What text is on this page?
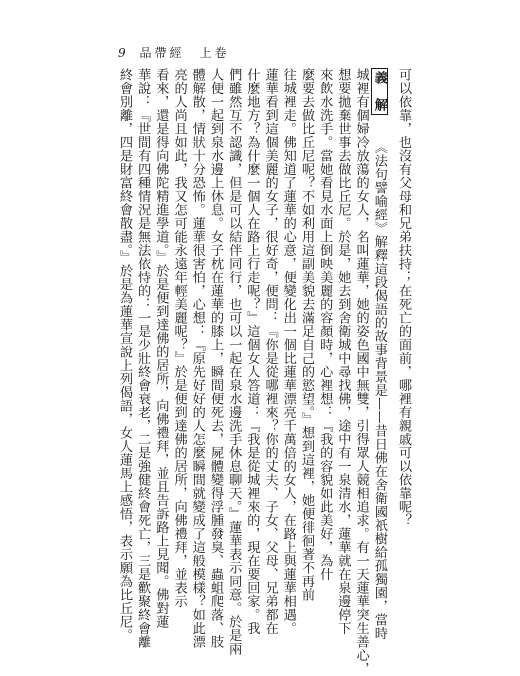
9 品帶經　上卷
可以依靠，也沒有父母和兄弟扶持；在死亡的面前，哪裡有親戚可以依靠呢？
義　解《法句譬喻經》解釋這段偈語的故事背景是——昔日佛在舍衛國祇樹給孤獨園，當時
城裡有個婦冷放蕩的女人，名叫蓮華，她的姿色國中無雙，引得眾人競相追求。有一天蓮華突生善心，
想要拋棄世事去做比丘尼。於是，她去到舍衛城中尋找佛，途中有一泉清水，蓮華就在泉邊停下
來飲水洗手。當她看見水面上倒映美麗的容顏時，心裡想：『我的容貌如此美好，為什
麼要去做比丘尼呢？不如利用這副美貌去滿足自己的慾望。』想到這裡，她便徘徊著不再前
往城裡走。佛知道了蓮華的心意，便變化出一個比蓮華漂亮千萬倍的女人，在路上與蓮華相遇。
蓮華看到這個美麗的女子，很好奇，便問：『你是從哪裡來？你的丈夫、子女、父母、兄弟都在
什麼地方？為什麼一個人在路上行走呢？』這個女人答道：『我是從城裡來的，現在要回家。我
們雖然互不認識，但是可以結伴同行，也可以一起在泉水邊洗手休息聊天。』蓮華表示同意。於是兩
人便一起到泉水邊上休息。女子枕在蓮華的膝上，瞬間便死去，屍體變得浮腫發臭、蟲蛆爬落、肢
體解散，情狀十分恐怖。蓮華很害怕，心想：『原先好好的人怎麼瞬間就變成了這般模樣？如此漂
亮的人尚且如此，我又怎可能永遠年輕美麗呢？』於是便到達佛的居所，向佛禮拜，並表示
看來，還是得向佛陀精進學道。』於是便到達佛的居所，向佛禮拜，並且告訴路上見聞。佛對蓮
華說：『世間有四種情況是無法依恃的：一是少壯終會衰老，二是強健終會死亡，三是歡聚終會離
終會別離，四是財富終會散盡。』於是為蓮華宣說上列偈語，女人蓮馬上感悟，表示願為比丘尼。
